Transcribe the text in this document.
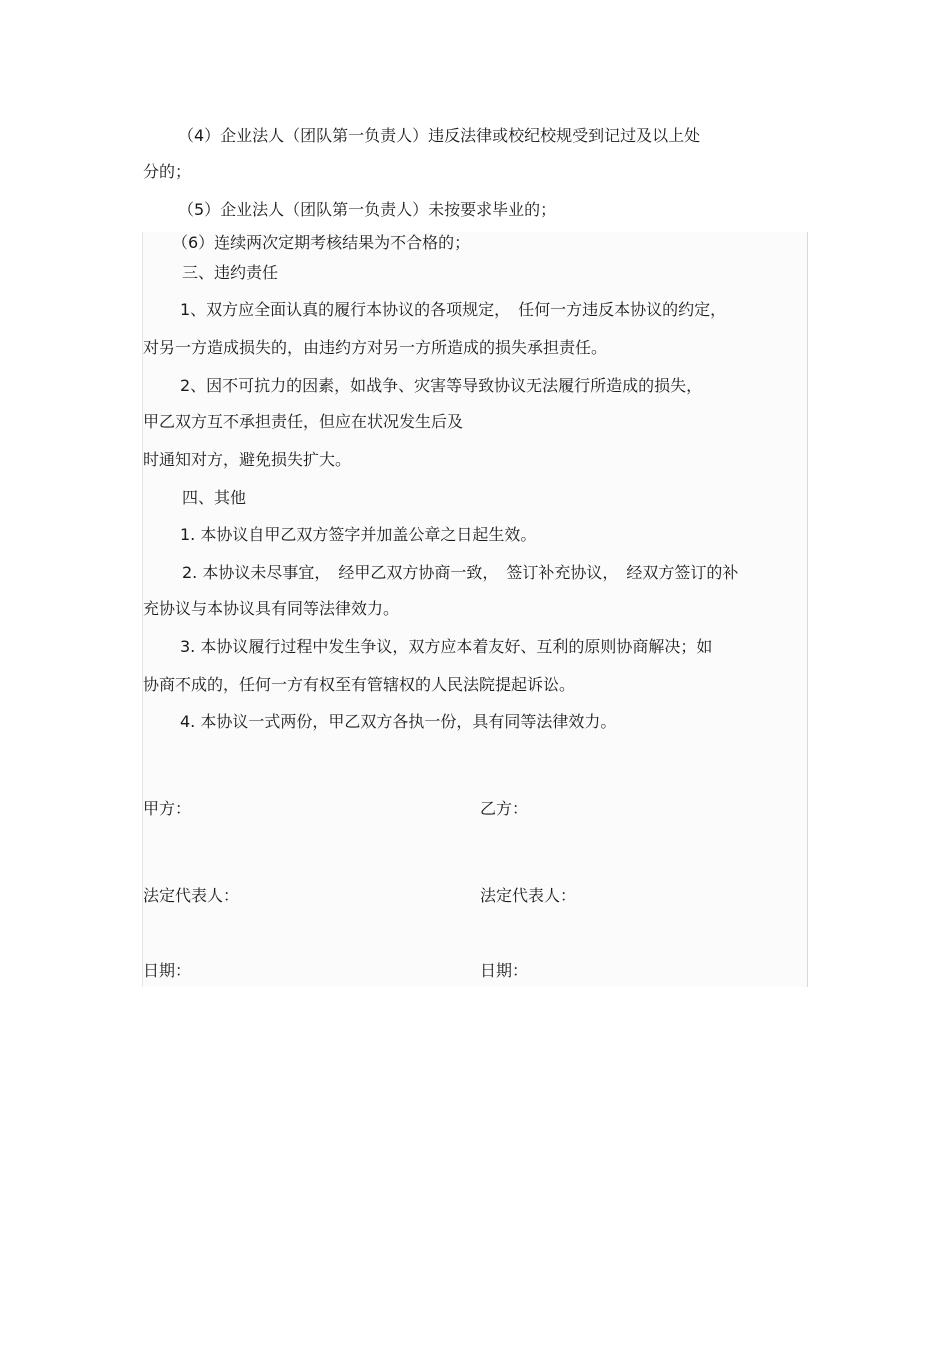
（4）企业法人（团队第一负责人）违反法律或校纪校规受到记过及以上处
分的；
（5）企业法人（团队第一负责人）未按要求毕业的；
（6）连续两次定期考核结果为不合格的；
三、违约责任
1、双方应全面认真的履行本协议的各项规定，　任何一方违反本协议的约定，
对另一方造成损失的，由违约方对另一方所造成的损失承担责任。
2、因不可抗力的因素，如战争、灾害等导致协议无法履行所造成的损失，
甲乙双方互不承担责任，但应在状况发生后及
时通知对方，避免损失扩大。
四、其他
1. 本协议自甲乙双方签字并加盖公章之日起生效。
2. 本协议未尽事宜，　经甲乙双方协商一致，　签订补充协议，　经双方签订的补
充协议与本协议具有同等法律效力。
3. 本协议履行过程中发生争议，双方应本着友好、互利的原则协商解决；如
协商不成的，任何一方有权至有管辖权的人民法院提起诉讼。
4. 本协议一式两份，甲乙双方各执一份，具有同等法律效力。
甲方：	乙方：
法定代表人：	法定代表人：
日期：	日期：
